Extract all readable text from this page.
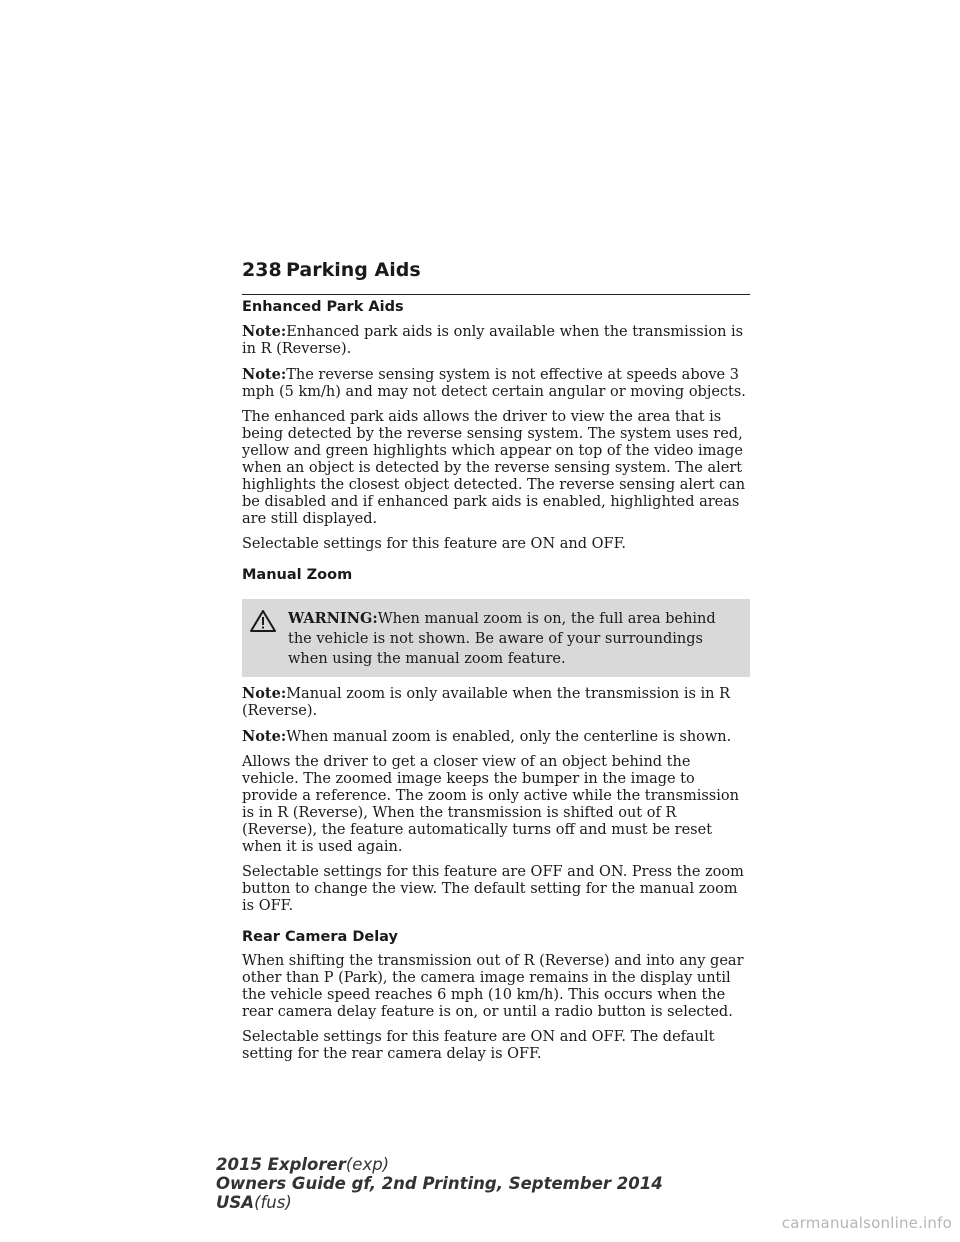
238 Parking Aids
Enhanced Park Aids

Note:Enhanced park aids is only available when the transmission is in R (Reverse).

Note:The reverse sensing system is not effective at speeds above 3 mph (5 km/h) and may not detect certain angular or moving objects.

The enhanced park aids allows the driver to view the area that is being detected by the reverse sensing system. The system uses red, yellow and green highlights which appear on top of the video image when an object is detected by the reverse sensing system. The alert highlights the closest object detected. The reverse sensing alert can be disabled and if enhanced park aids is enabled, highlighted areas are still displayed.

Selectable settings for this feature are ON and OFF.

Manual Zoom
WARNING:When manual zoom is on, the full area behind the vehicle is not shown. Be aware of your surroundings when using the manual zoom feature.

Note:Manual zoom is only available when the transmission is in R (Reverse).

Note:When manual zoom is enabled, only the centerline is shown.

Allows the driver to get a closer view of an object behind the vehicle. The zoomed image keeps the bumper in the image to provide a reference. The zoom is only active while the transmission is in R (Reverse), When the transmission is shifted out of R (Reverse), the feature automatically turns off and must be reset when it is used again.

Selectable settings for this feature are OFF and ON. Press the zoom button to change the view. The default setting for the manual zoom is OFF.

Rear Camera Delay

When shifting the transmission out of R (Reverse) and into any gear other than P (Park), the camera image remains in the display until the vehicle speed reaches 6 mph (10 km/h). This occurs when the rear camera delay feature is on, or until a radio button is selected.

Selectable settings for this feature are ON and OFF. The default setting for the rear camera delay is OFF.

2015 Explorer(exp)
Owners Guide gf, 2nd Printing, September 2014
USA(fus)
carmanualsonline.info
